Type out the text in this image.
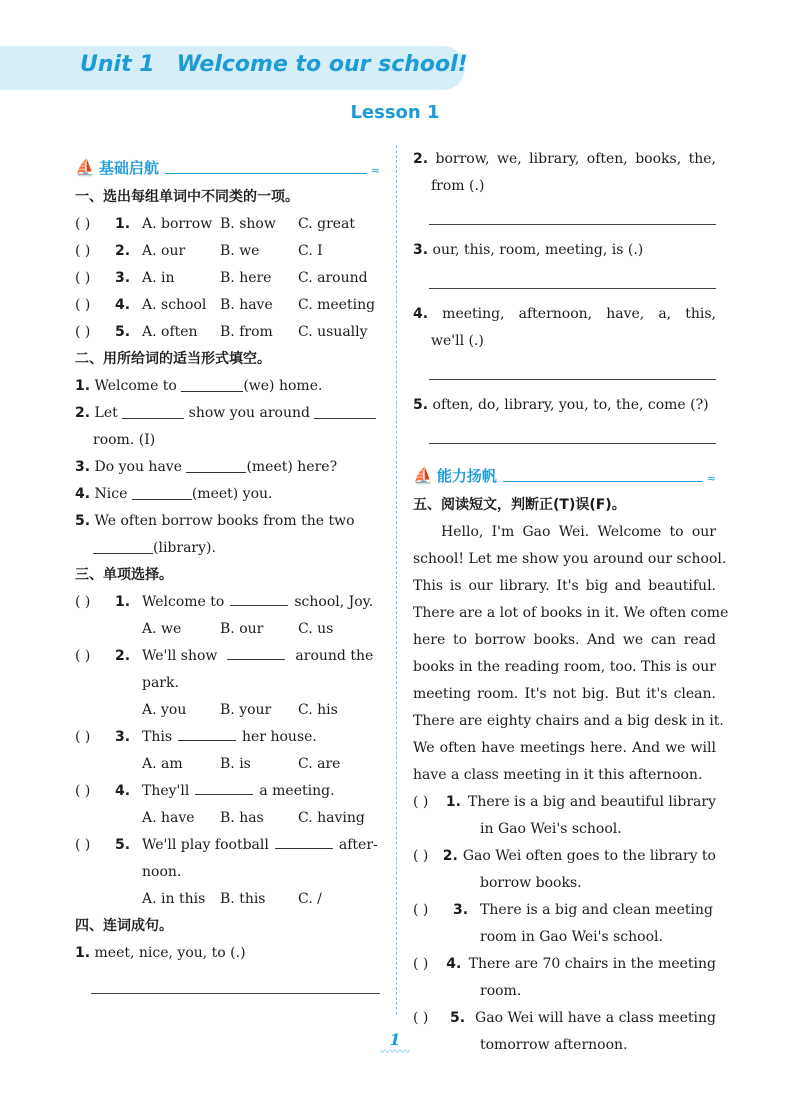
Unit 1 Welcome to our school!
Lesson 1
⛵ 基础启航	≈
一、选出每组单词中不同类的一项。
( )	1. A. borrow B. show	C. great
( )	2. A. our	B. we	C. I
( )	3. A. in	B. here	C. around
( )	4. A. school B. have	C. meeting
( )	5. A. often	B. from	C. usually
二、用所给词的适当形式填空。
1. Welcome to	(we) home.
2. Let	show you around
room. (I)
3. Do you have	(meet) here?
4. Nice	(meet) you.
5. We often borrow books from the two
(library).
三、单项选择。
( )	1. Welcome to	school, Joy.
A. we	B. our	C. us
( )	2. We'll show	around the
park.
A. you	B. your	C. his
( )	3. This	her house.
A. am	B. is	C. are
( )	4. They'll	a meeting.
A. have	B. has	C. having
( )	5. We'll play football	after-
noon.
A. in this	B. this	C. /
四、连词成句。
1. meet, nice, you, to (.)
2. borrow, we, library, often, books, the,
from (.)
3. our, this, room, meeting, is (.)
4. meeting, afternoon, have, a, this,
we'll (.)
5. often, do, library, you, to, the, come (?)
⛵ 能力扬帆	≈
五、阅读短文，判断正(T)误(F)。
Hello, I'm Gao Wei. Welcome to our
school! Let me show you around our school.
This is our library. It's big and beautiful.
There are a lot of books in it. We often come
here to borrow books. And we can read
books in the reading room, too. This is our
meeting room. It's not big. But it's clean.
There are eighty chairs and a big desk in it.
We often have meetings here. And we will
have a class meeting in it this afternoon.
( )	1. There is a big and beautiful library
in Gao Wei's school.
( )	2. Gao Wei often goes to the library to
borrow books.
( )	3. There is a big and clean meeting
room in Gao Wei's school.
( )	4. There are 70 chairs in the meeting
room.
( )	5. Gao Wei will have a class meeting
tomorrow afternoon.
1
〰〰〰
